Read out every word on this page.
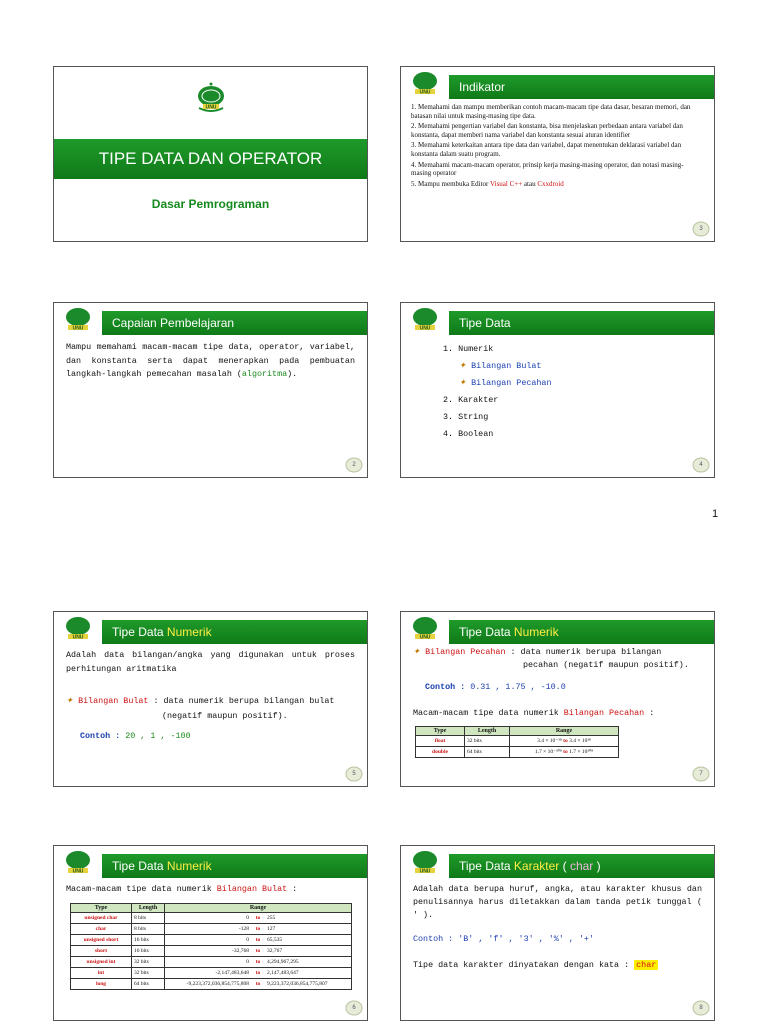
UNU
TIPE DATA DAN OPERATOR
Dasar Pemrograman
UNU	Indikator
1. Memahami dan mampu memberikan contoh macam-macam tipe data dasar, besaran memori, dan batasan nilai untuk masing-masing tipe data.
2. Memahami pengertian variabel dan konstanta, bisa menjelaskan perbedaan antara variabel dan konstanta, dapat memberi nama variabel dan konstanta sesuai aturan identifier
3. Memahami keterkaitan antara tipe data dan variabel, dapat menentukan deklarasi variabel dan konstanta dalam suatu program.
4. Memahami macam-macam operator, prinsip kerja masing-masing operator, dan notasi masing-masing operator
5. Mampu membuka Editor Visual C++ atau Cxxdroid
3
UNU	Capaian Pembelajaran
Mampu memahami macam-macam tipe data, operator, variabel, dan konstanta serta dapat menerapkan pada pembuatan langkah-langkah pemecahan masalah (algoritma).
2
UNU	Tipe Data
1. Numerik
✦ Bilangan Bulat
✦ Bilangan Pecahan
2. Karakter
3. String
4. Boolean
4
1
UNU	Tipe Data Numerik
Adalah data bilangan/angka yang digunakan untuk proses perhitungan aritmatika
✦ Bilangan Bulat : data numerik berupa bilangan bulat
(negatif maupun positif).
Contoh : 20 , 1 , -100
5
UNU	Tipe Data Numerik
✦ Bilangan Pecahan : data numerik berupa bilangan
pecahan (negatif maupun positif).
Contoh : 0.31 , 1.75 , -10.0
Macam-macam tipe data numerik Bilangan Pecahan :
Type	Length	Range
float	32 bits	3.4 × 10⁻³⁸ to 3.4 × 10³⁸
double	64 bits	1.7 × 10⁻³⁰⁸ to 1.7 × 10³⁰⁸
7
UNU	Tipe Data Numerik
Macam-macam tipe data numerik Bilangan Bulat :
Type	Length	Range
unsigned char	8 bits	0 to 255
char	8 bits	-128 to 127
unsigned short	16 bits	0 to 65,535
short	16 bits	-32,768 to 32,767
unsigned int	32 bits	0 to 4,294,967,295
int	32 bits	-2,147,483,648 to 2,147,483,647
long	64 bits	-9,223,372,036,854,775,808 to 9,223,372,036,854,775,807
6
UNU	Tipe Data Karakter ( char )
Adalah data berupa huruf, angka, atau karakter khusus dan penulisannya harus diletakkan dalam tanda petik tunggal ( ' ).
Contoh : 'B' , 'f' , '3' , '%' , '+'
Tipe data karakter dinyatakan dengan kata : char
8
